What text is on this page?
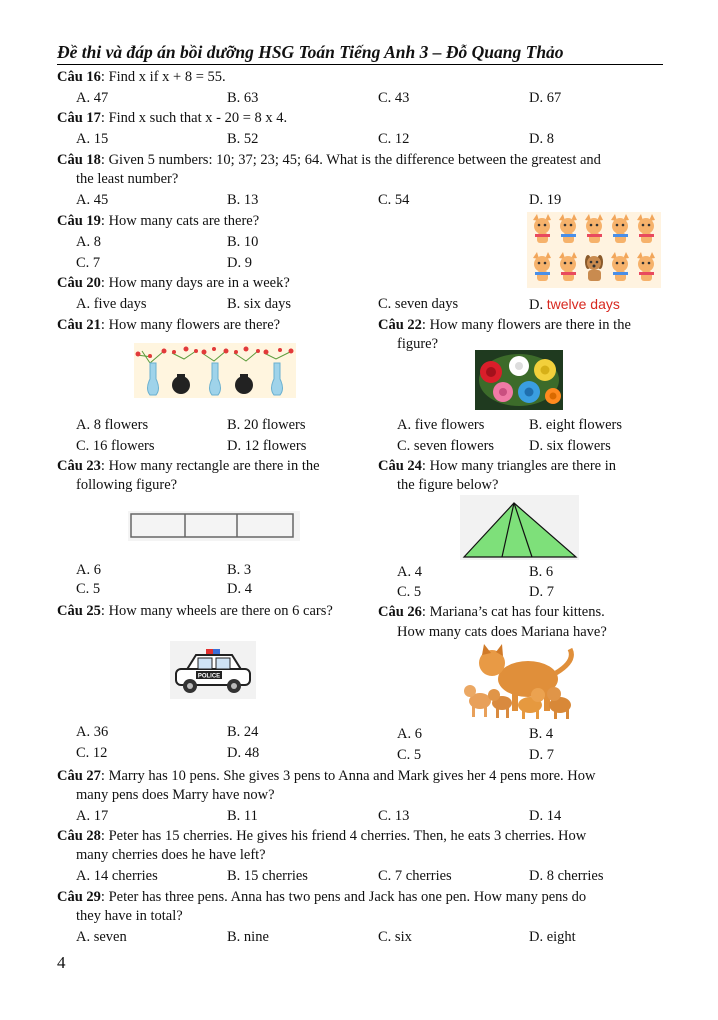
Đề thi và đáp án bồi dưỡng HSG Toán Tiếng Anh 3 – Đỗ Quang Thảo
Câu 16: Find x if x + 8 = 55.
A. 47	B. 63	C. 43	D. 67
Câu 17: Find x such that x - 20 = 8 x 4.
A. 15	B. 52	C. 12	D. 8
Câu 18: Given 5 numbers: 10; 37; 23; 45; 64. What is the difference between the greatest and
the least number?
A. 45	B. 13	C. 54	D. 19
Câu 19: How many cats are there?
A. 8	B. 10
C. 7	D. 9
Câu 20: How many days are in a week?
A. five days	B. six days	C. seven days	D. twelve days
Câu 21: How many flowers are there?	Câu 22: How many flowers are there in the
figure?
A. 8 flowers	B. 20 flowers	A. five flowers	B. eight flowers
C. 16 flowers	D. 12 flowers	C. seven flowers D. six flowers
Câu 23: How many rectangle are there in the
following figure?
Câu 24: How many triangles are there in
the figure below?
A. 6	B. 3	A. 4	B. 6
C. 5	D. 4	C. 5	D. 7
Câu 25: How many wheels are there on 6 cars?	Câu 26: Mariana’s cat has four kittens.
How many cats does Mariana have?
POLICE
A. 36	B. 24	A. 6	B. 4
C. 12	D. 48	C. 5	D. 7
Câu 27: Marry has 10 pens. She gives 3 pens to Anna and Mark gives her 4 pens more. How
many pens does Marry have now?
A. 17	B. 11	C. 13	D. 14
Câu 28: Peter has 15 cherries. He gives his friend 4 cherries. Then, he eats 3 cherries. How
many cherries does he have left?
A. 14 cherries	B. 15 cherries	C. 7 cherries	D. 8 cherries
Câu 29: Peter has three pens. Anna has two pens and Jack has one pen. How many pens do
they have in total?
A. seven	B. nine	C. six	D. eight
4
